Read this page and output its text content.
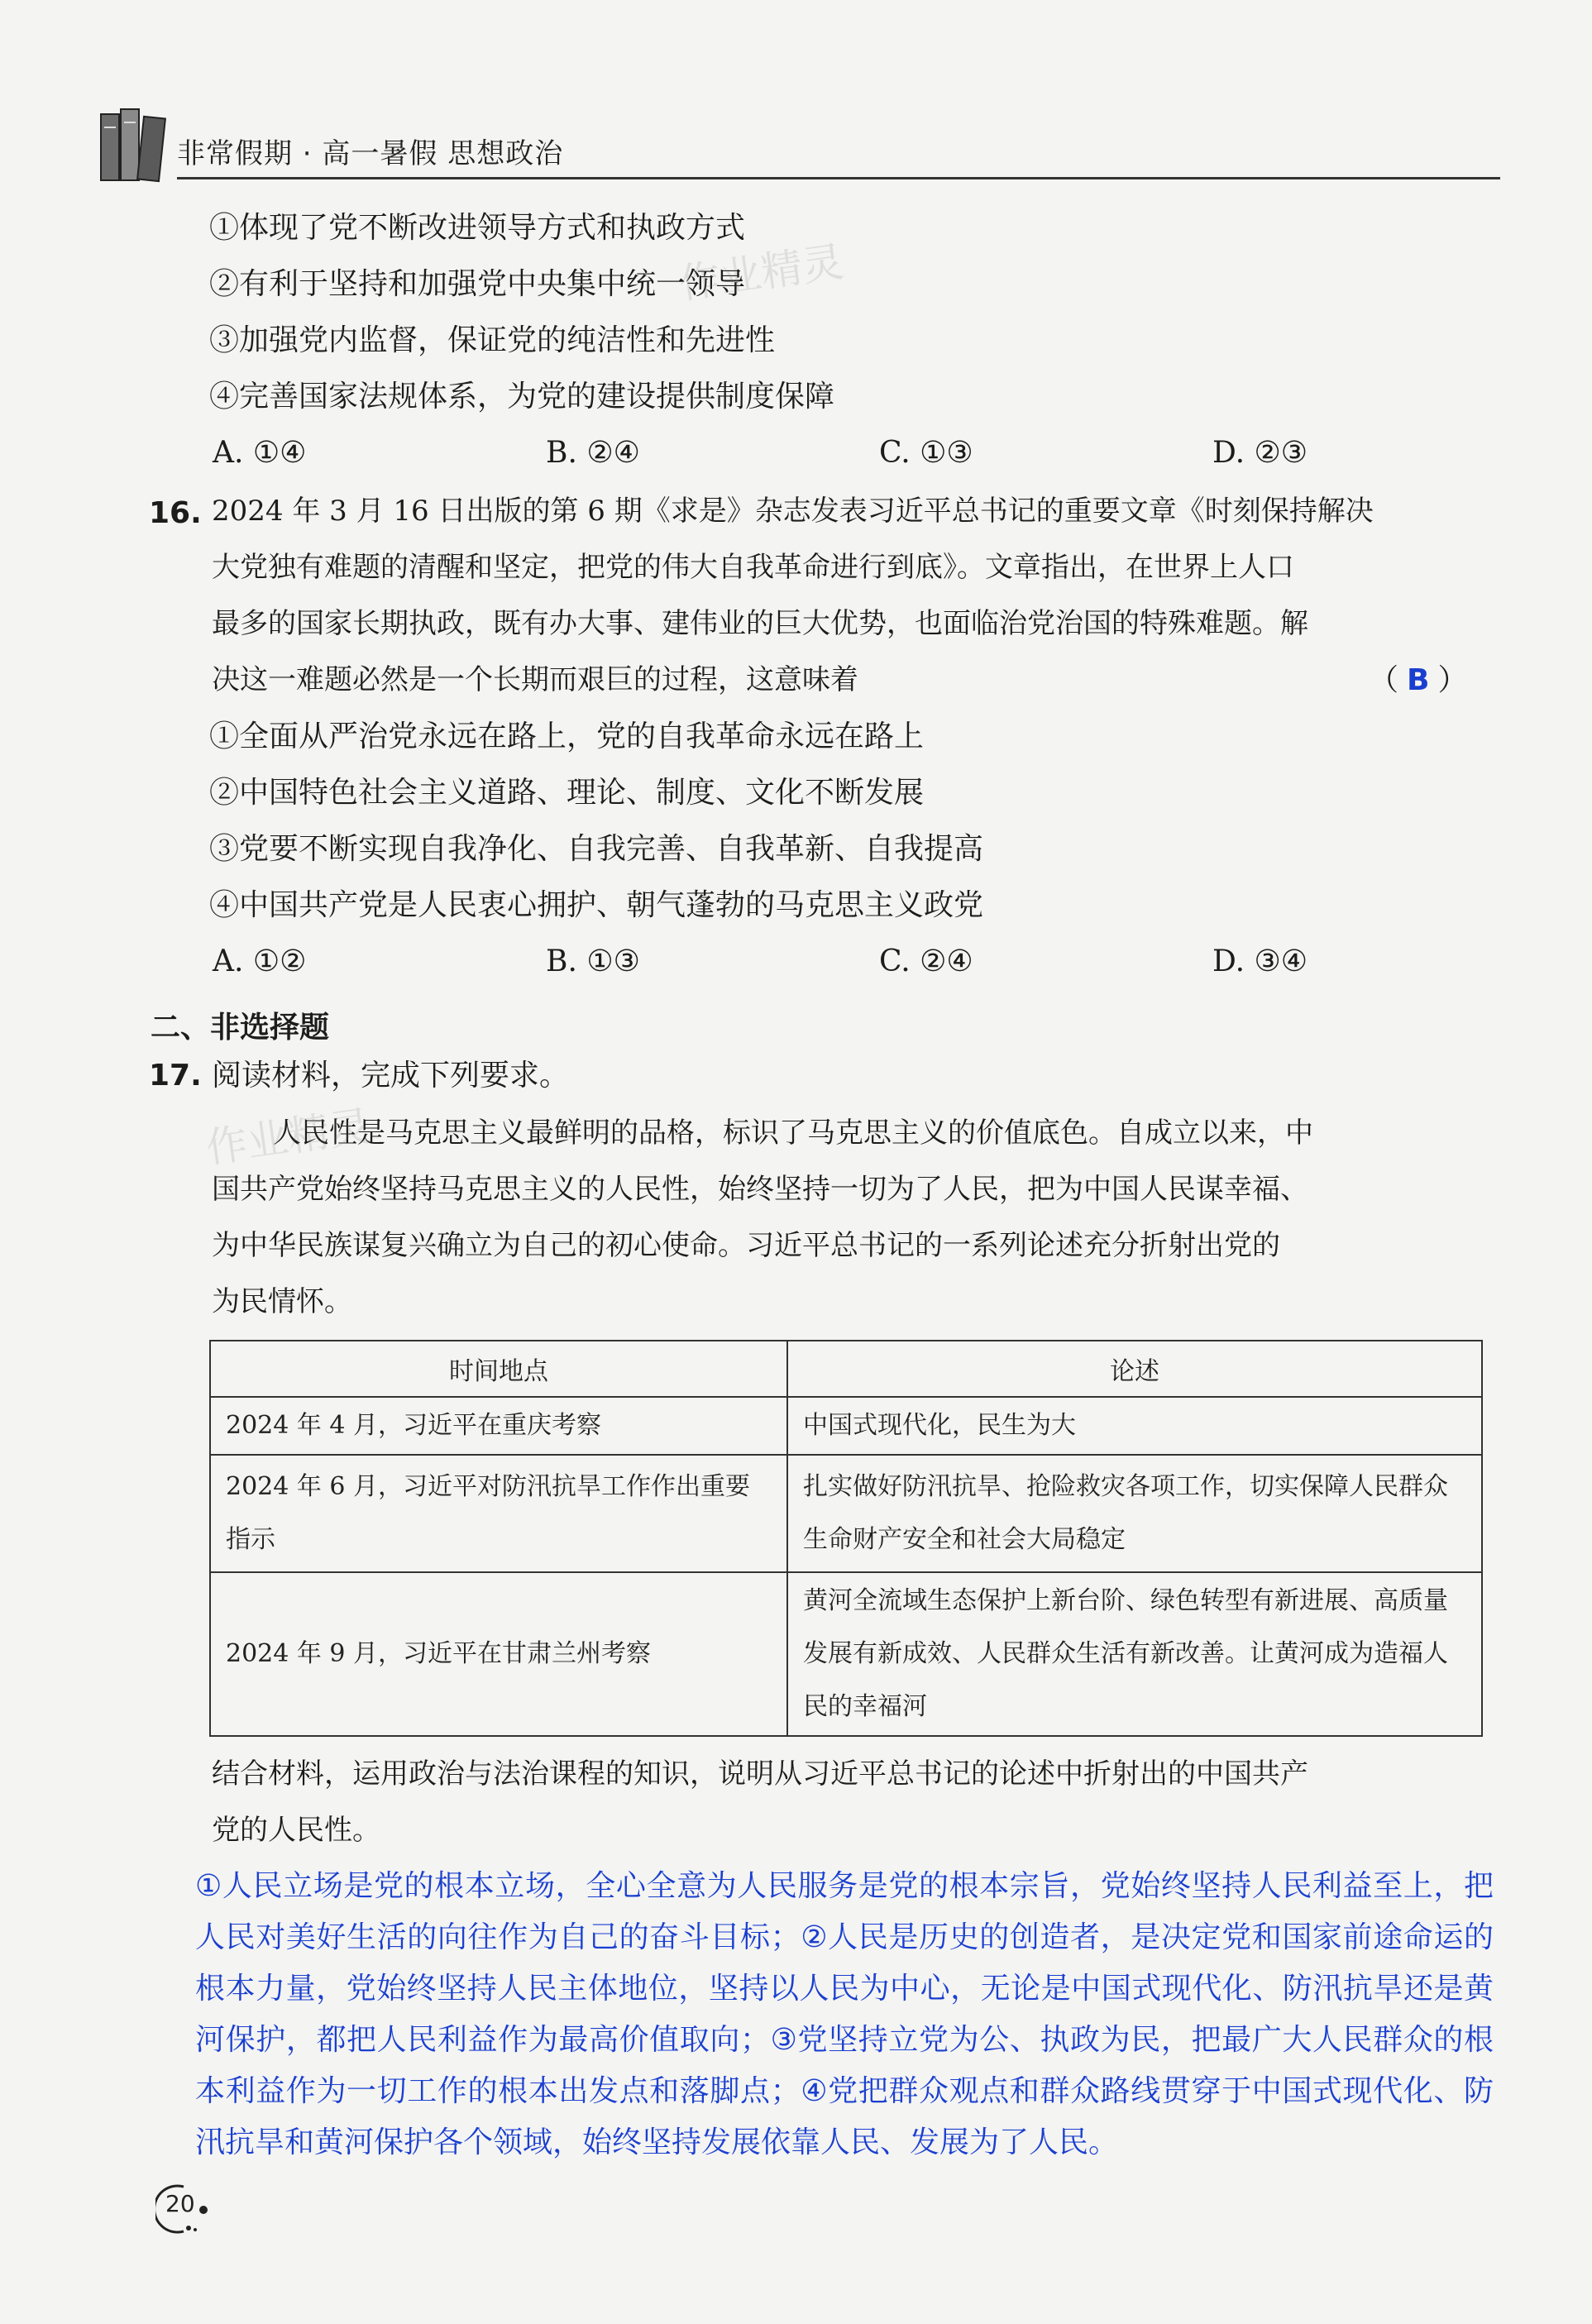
非常假期 · 高一暑假 思想政治
①体现了党不断改进领导方式和执政方式
②有利于坚持和加强党中央集中统一领导
③加强党内监督，保证党的纯洁性和先进性
④完善国家法规体系，为党的建设提供制度保障
A. ①④	B. ②④	C. ①③	D. ②③
16. 2024 年 3 月 16 日出版的第 6 期《求是》杂志发表习近平总书记的重要文章《时刻保持解决
大党独有难题的清醒和坚定，把党的伟大自我革命进行到底》。文章指出，在世界上人口
最多的国家长期执政，既有办大事、建伟业的巨大优势，也面临治党治国的特殊难题。解
决这一难题必然是一个长期而艰巨的过程，这意味着	（ B ）
①全面从严治党永远在路上，党的自我革命永远在路上
②中国特色社会主义道路、理论、制度、文化不断发展
③党要不断实现自我净化、自我完善、自我革新、自我提高
④中国共产党是人民衷心拥护、朝气蓬勃的马克思主义政党
A. ①②	B. ①③	C. ②④	D. ③④
二、非选择题
17. 阅读材料，完成下列要求。
人民性是马克思主义最鲜明的品格，标识了马克思主义的价值底色。自成立以来，中
国共产党始终坚持马克思主义的人民性，始终坚持一切为了人民，把为中国人民谋幸福、
为中华民族谋复兴确立为自己的初心使命。习近平总书记的一系列论述充分折射出党的
为民情怀。
作业精灵
作业精灵
时间地点	论述
2024 年 4 月，习近平在重庆考察	中国式现代化，民生为大
2024 年 6 月，习近平对防汛抗旱工作作出重要指示	扎实做好防汛抗旱、抢险救灾各项工作，切实保障人民群众生命财产安全和社会大局稳定
2024 年 9 月，习近平在甘肃兰州考察	黄河全流域生态保护上新台阶、绿色转型有新进展、高质量发展有新成效、人民群众生活有新改善。让黄河成为造福人民的幸福河
结合材料，运用政治与法治课程的知识，说明从习近平总书记的论述中折射出的中国共产
党的人民性。
①人民立场是党的根本立场，全心全意为人民服务是党的根本宗旨，党始终坚持人民利益至上，把人民对美好生活的向往作为自己的奋斗目标；②人民是历史的创造者，是决定党和国家前途命运的根本力量，党始终坚持人民主体地位，坚持以人民为中心，无论是中国式现代化、防汛抗旱还是黄河保护，都把人民利益作为最高价值取向；③党坚持立党为公、执政为民，把最广大人民群众的根本利益作为一切工作的根本出发点和落脚点；④党把群众观点和群众路线贯穿于中国式现代化、防汛抗旱和黄河保护各个领域，始终坚持发展依靠人民、发展为了人民。
20
